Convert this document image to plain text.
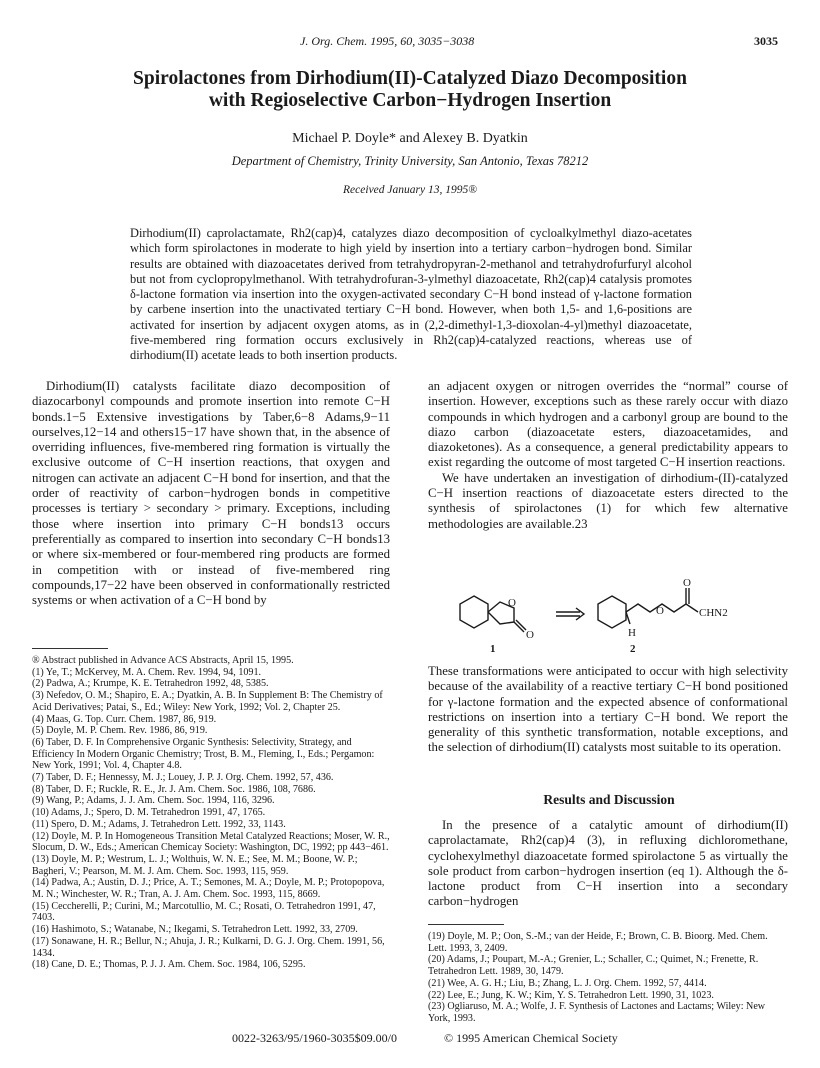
J. Org. Chem. 1995, 60, 3035−3038	3035
Spirolactones from Dirhodium(II)-Catalyzed Diazo Decomposition
with Regioselective Carbon−Hydrogen Insertion
Michael P. Doyle* and Alexey B. Dyatkin
Department of Chemistry, Trinity University, San Antonio, Texas 78212
Received January 13, 1995®

Dirhodium(II) caprolactamate, Rh2(cap)4, catalyzes diazo decomposition of cycloalkylmethyl diazo-acetates which form spirolactones in moderate to high yield by insertion into a tertiary carbon−hydrogen bond. Similar results are obtained with diazoacetates derived from tetrahydropyran-2-methanol and tetrahydrofurfuryl alcohol but not from cyclopropylmethanol. With tetrahydrofuran-3-ylmethyl diazoacetate, Rh2(cap)4 catalysis promotes δ-lactone formation via insertion into the oxygen-activated secondary C−H bond instead of γ-lactone formation by carbene insertion into the unactivated tertiary C−H bond. However, when both 1,5- and 1,6-positions are activated for insertion by adjacent oxygen atoms, as in (2,2-dimethyl-1,3-dioxolan-4-yl)methyl diazoacetate, five-membered ring formation occurs exclusively in Rh2(cap)4-catalyzed reactions, whereas use of dirhodium(II) acetate leads to both insertion products.

Dirhodium(II) catalysts facilitate diazo decomposition of diazocarbonyl compounds and promote insertion into remote C−H bonds.1−5 Extensive investigations by Taber,6−8 Adams,9−11 ourselves,12−14 and others15−17 have shown that, in the absence of overriding influences, five-membered ring formation is virtually the exclusive outcome of C−H insertion reactions, that oxygen and nitrogen can activate an adjacent C−H bond for insertion, and that the order of reactivity of carbon−hydrogen bonds in competitive processes is tertiary > secondary > primary. Exceptions, including those where insertion into primary C−H bonds13 occurs preferentially as compared to insertion into secondary C−H bonds13 or where six-membered or four-membered ring products are formed in competition with or instead of five-membered ring compounds,17−22 have been observed in conformationally restricted systems or when activation of a C−H bond by

® Abstract published in Advance ACS Abstracts, April 15, 1995.
(1) Ye, T.; McKervey, M. A. Chem. Rev. 1994, 94, 1091.
(2) Padwa, A.; Krumpe, K. E. Tetrahedron 1992, 48, 5385.
(3) Nefedov, O. M.; Shapiro, E. A.; Dyatkin, A. B. In Supplement B: The Chemistry of Acid Derivatives; Patai, S., Ed.; Wiley: New York, 1992; Vol. 2, Chapter 25.
(4) Maas, G. Top. Curr. Chem. 1987, 86, 919.
(5) Doyle, M. P. Chem. Rev. 1986, 86, 919.
(6) Taber, D. F. In Comprehensive Organic Synthesis: Selectivity, Strategy, and Efficiency In Modern Organic Chemistry; Trost, B. M., Fleming, I., Eds.; Pergamon: New York, 1991; Vol. 4, Chapter 4.8.
(7) Taber, D. F.; Hennessy, M. J.; Louey, J. P. J. Org. Chem. 1992, 57, 436.
(8) Taber, D. F.; Ruckle, R. E., Jr. J. Am. Chem. Soc. 1986, 108, 7686.
(9) Wang, P.; Adams, J. J. Am. Chem. Soc. 1994, 116, 3296.
(10) Adams, J.; Spero, D. M. Tetrahedron 1991, 47, 1765.
(11) Spero, D. M.; Adams, J. Tetrahedron Lett. 1992, 33, 1143.
(12) Doyle, M. P. In Homogeneous Transition Metal Catalyzed Reactions; Moser, W. R., Slocum, D. W., Eds.; American Chemicay Society: Washington, DC, 1992; pp 443−461.
(13) Doyle, M. P.; Westrum, L. J.; Wolthuis, W. N. E.; See, M. M.; Boone, W. P.; Bagheri, V.; Pearson, M. M. J. Am. Chem. Soc. 1993, 115, 959.
(14) Padwa, A.; Austin, D. J.; Price, A. T.; Semones, M. A.; Doyle, M. P.; Protopopova, M. N.; Winchester, W. R.; Tran, A. J. Am. Chem. Soc. 1993, 115, 8669.
(15) Ceccherelli, P.; Curini, M.; Marcotullio, M. C.; Rosati, O. Tetrahedron 1991, 47, 7403.
(16) Hashimoto, S.; Watanabe, N.; Ikegami, S. Tetrahedron Lett. 1992, 33, 2709.
(17) Sonawane, H. R.; Bellur, N.; Ahuja, J. R.; Kulkarni, D. G. J. Org. Chem. 1991, 56, 1434.
(18) Cane, D. E.; Thomas, P. J. J. Am. Chem. Soc. 1984, 106, 5295.

an adjacent oxygen or nitrogen overrides the “normal” course of insertion. However, exceptions such as these rarely occur with diazo compounds in which hydrogen and a carbonyl group are bound to the diazo carbon (diazoacetate esters, diazoacetamides, and diazoketones). As a consequence, a general predictability appears to exist regarding the outcome of most targeted C−H insertion reactions.

We have undertaken an investigation of dirhodium-(II)-catalyzed C−H insertion reactions of diazoacetate esters directed to the synthesis of spirolactones (1) for which few alternative methodologies are available.23

O
O
O
O
H
CHN2
1	2

These transformations were anticipated to occur with high selectivity because of the availability of a reactive tertiary C−H bond positioned for γ-lactone formation and the expected absence of conformational restrictions on insertion into a tertiary C−H bond. We report the generality of this synthetic transformation, notable exceptions, and the selection of dirhodium(II) catalysts most suitable to its operation.

Results and Discussion

In the presence of a catalytic amount of dirhodium(II) caprolactamate, Rh2(cap)4 (3), in refluxing dichloromethane, cyclohexylmethyl diazoacetate formed spirolactone 5 as virtually the sole product from carbon−hydrogen insertion (eq 1). Although the δ-lactone product from C−H insertion into a secondary carbon−hydrogen

(19) Doyle, M. P.; Oon, S.-M.; van der Heide, F.; Brown, C. B. Bioorg. Med. Chem. Lett. 1993, 3, 2409.
(20) Adams, J.; Poupart, M.-A.; Grenier, L.; Schaller, C.; Quimet, N.; Frenette, R. Tetrahedron Lett. 1989, 30, 1479.
(21) Wee, A. G. H.; Liu, B.; Zhang, L. J. Org. Chem. 1992, 57, 4414.
(22) Lee, E.; Jung, K. W.; Kim, Y. S. Tetrahedron Lett. 1990, 31, 1023.
(23) Ogliaruso, M. A.; Wolfe, J. F. Synthesis of Lactones and Lactams; Wiley: New York, 1993.
0022-3263/95/1960-3035$09.00/0	© 1995 American Chemical Society
